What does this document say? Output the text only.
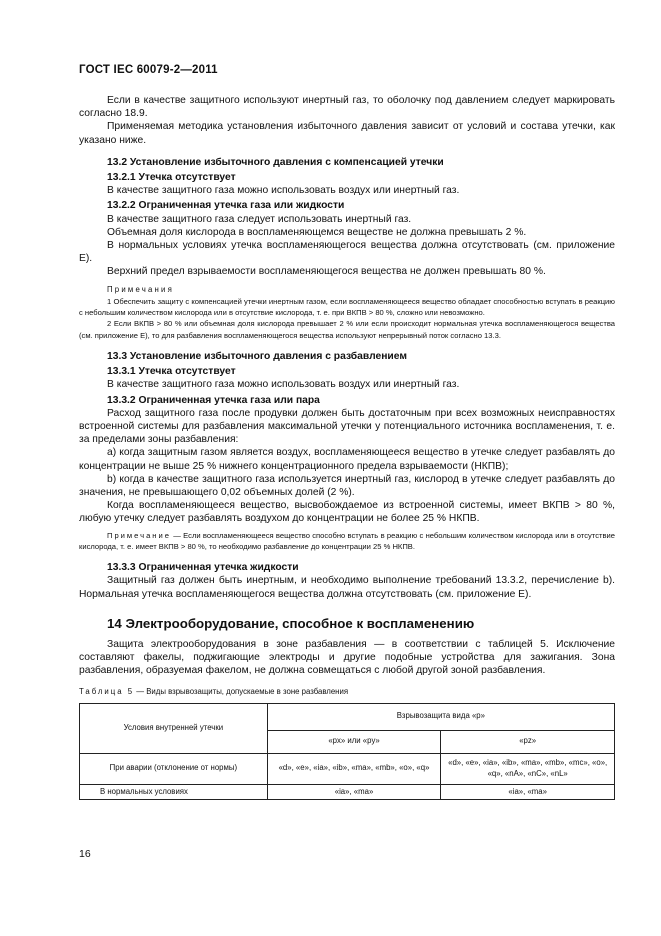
ГОСТ IEC 60079-2—2011

Если в качестве защитного используют инертный газ, то оболочку под давлением следует маркировать согласно 18.9.

Применяемая методика установления избыточного давления зависит от условий и состава утечки, как указано ниже.

13.2 Установление избыточного давления с компенсацией утечки

13.2.1 Утечка отсутствует

В качестве защитного газа можно использовать воздух или инертный газ.

13.2.2 Ограниченная утечка газа или жидкости

В качестве защитного газа следует использовать инертный газ.

Объемная доля кислорода в воспламеняющемся веществе не должна превышать 2 %.

В нормальных условиях утечка воспламеняющегося вещества должна отсутствовать (см. приложение Е).

Верхний предел взрываемости воспламеняющегося вещества не должен превышать 80 %.

Примечания

1 Обеспечить защиту с компенсацией утечки инертным газом, если воспламеняющееся вещество обладает способностью вступать в реакцию с небольшим количеством кислорода или в отсутствие кислорода, т. е. при ВКПВ > 80 %, сложно или невозможно.

2 Если ВКПВ > 80 % или объемная доля кислорода превышает 2 % или если происходит нормальная утечка воспламеняющегося вещества (см. приложение Е), то для разбавления воспламеняющегося вещества используют непрерывный поток согласно 13.3.

13.3 Установление избыточного давления с разбавлением

13.3.1 Утечка отсутствует

В качестве защитного газа можно использовать воздух или инертный газ.

13.3.2 Ограниченная утечка газа или пара

Расход защитного газа после продувки должен быть достаточным при всех возможных неисправностях встроенной системы для разбавления максимальной утечки у потенциального источника воспламенения, т. е. за пределами зоны разбавления:

a) когда защитным газом является воздух, воспламеняющееся вещество в утечке следует разбавлять до концентрации не выше 25 % нижнего концентрационного предела взрываемости (НКПВ);

b) когда в качестве защитного газа используется инертный газ, кислород в утечке следует разбавлять до значения, не превышающего 0,02 объемных долей (2 %).

Когда воспламеняющееся вещество, высвобождаемое из встроенной системы, имеет ВКПВ > 80 %, любую утечку следует разбавлять воздухом до концентрации не более 25 % НКПВ.

Примечание — Если воспламеняющееся вещество способно вступать в реакцию с небольшим количеством кислорода или в отсутствие кислорода, т. е. имеет ВКПВ > 80 %, то необходимо разбавление до концентрации 25 % НКПВ.

13.3.3 Ограниченная утечка жидкости

Защитный газ должен быть инертным, и необходимо выполнение требований 13.3.2, перечисление b). Нормальная утечка воспламеняющегося вещества должна отсутствовать (см. приложение Е).

14 Электрооборудование, способное к воспламенению

Защита электрооборудования в зоне разбавления — в соответствии с таблицей 5. Исключение составляют факелы, поджигающие электроды и другие подобные устройства для зажигания. Зона разбавления, образуемая факелом, не должна совмещаться с любой другой зоной разбавления.

Таблица 5 — Виды взрывозащиты, допускаемые в зоне разбавления

Условия внутренней утечки	Взрывозащита вида «р»	
	«px» или «py»	«pz»
При аварии (отклонение от нормы)	«d», «e», «ia», «ib», «ma», «mb», «o», «q»	«d», «e», «ia», «ib», «ma», «mb», «mc», «o», «q», «nA», «nC», «nL»
В нормальных условиях	«ia», «ma»	«ia», «ma»
16
